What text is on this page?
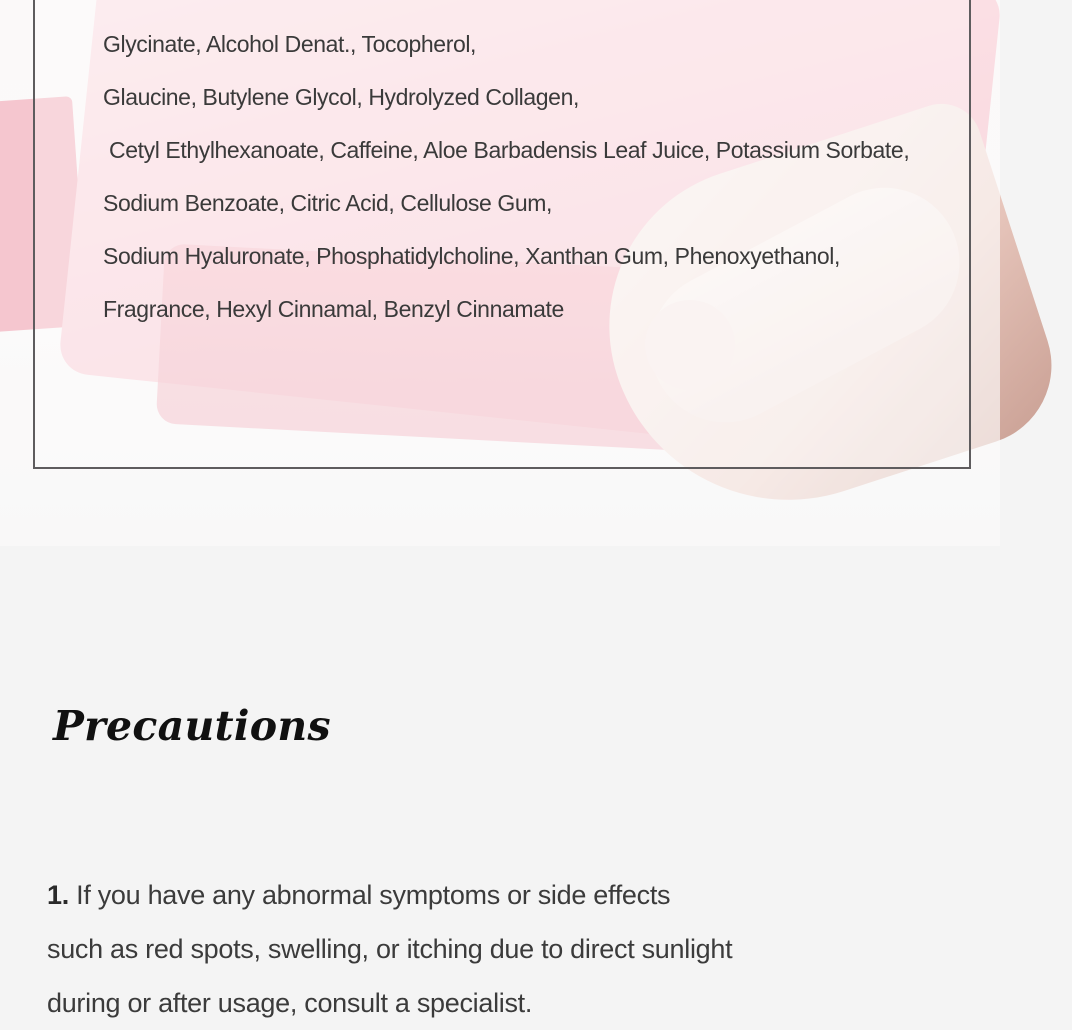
Glycinate, Alcohol Denat., Tocopherol,
Glaucine, Butylene Glycol, Hydrolyzed Collagen,
Cetyl Ethylhexanoate, Caffeine, Aloe Barbadensis Leaf Juice, Potassium Sorbate,
Sodium Benzoate, Citric Acid, Cellulose Gum,
Sodium Hyaluronate, Phosphatidylcholine, Xanthan Gum, Phenoxyethanol,
Fragrance, Hexyl Cinnamal, Benzyl Cinnamate
Precautions
1. If you have any abnormal symptoms or side effects
such as red spots, swelling, or itching due to direct sunlight
during or after usage, consult a specialist.
